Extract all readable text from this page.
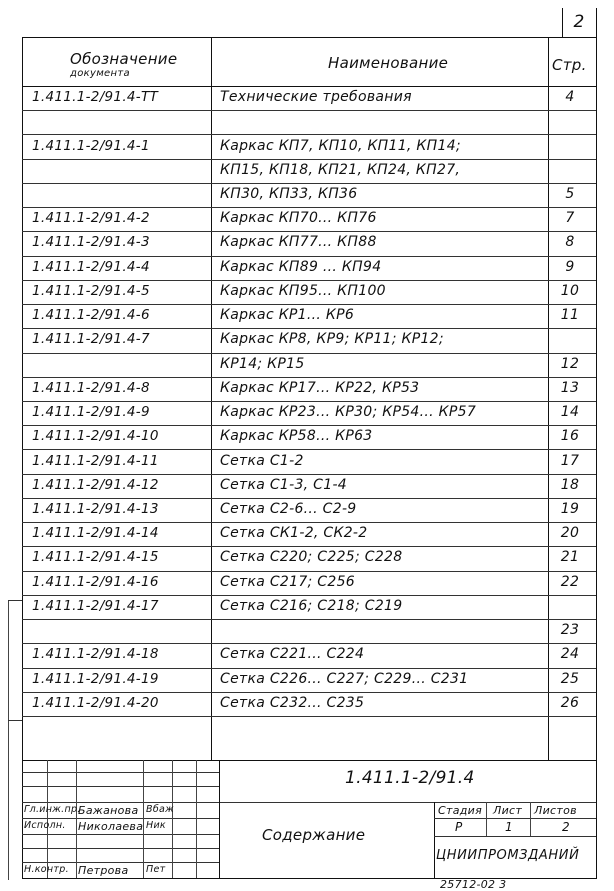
2
Обозначение
документа
Наименование	Стр.
1.411.1-2/91.4-ТТ	Технические требования	4
1.411.1-2/91.4-1	Каркас КП7, КП10, КП11, КП14;
КП15, КП18, КП21, КП24, КП27,
КП30, КП33, КП36	5
1.411.1-2/91.4-2	Каркас КП70... КП76	7
1.411.1-2/91.4-3	Каркас КП77... КП88	8
1.411.1-2/91.4-4	Каркас КП89 ... КП94	9
1.411.1-2/91.4-5	Каркас КП95... КП100	10
1.411.1-2/91.4-6	Каркас КР1... КР6	11
1.411.1-2/91.4-7	Каркас КР8, КР9; КР11; КР12;
КР14; КР15	12
1.411.1-2/91.4-8	Каркас КР17... КР22, КР53	13
1.411.1-2/91.4-9	Каркас КР23... КР30; КР54... КР57	14
1.411.1-2/91.4-10	Каркас КР58... КР63	16
1.411.1-2/91.4-11	Сетка С1-2	17
1.411.1-2/91.4-12	Сетка С1-3, С1-4	18
1.411.1-2/91.4-13	Сетка С2-6... С2-9	19
1.411.1-2/91.4-14	Сетка СК1-2, СК2-2	20
1.411.1-2/91.4-15	Сетка С220; С225; С228	21
1.411.1-2/91.4-16	Сетка С217; С256	22
1.411.1-2/91.4-17	Сетка С216; С218; С219
23
1.411.1-2/91.4-18	Сетка С221... С224	24
1.411.1-2/91.4-19	Сетка С226... С227; С229... С231	25
1.411.1-2/91.4-20	Сетка С232... С235	26
1.411.1-2/91.4
Содержание
Стадия Лист Листов
Р	1	2
ЦНИИПРОМЗДАНИЙ
Гл.инж.пр.
Бажанова Вбаж
Исполн. Николаева Ник
Н.контр. Петрова Пет
25712-02 3
